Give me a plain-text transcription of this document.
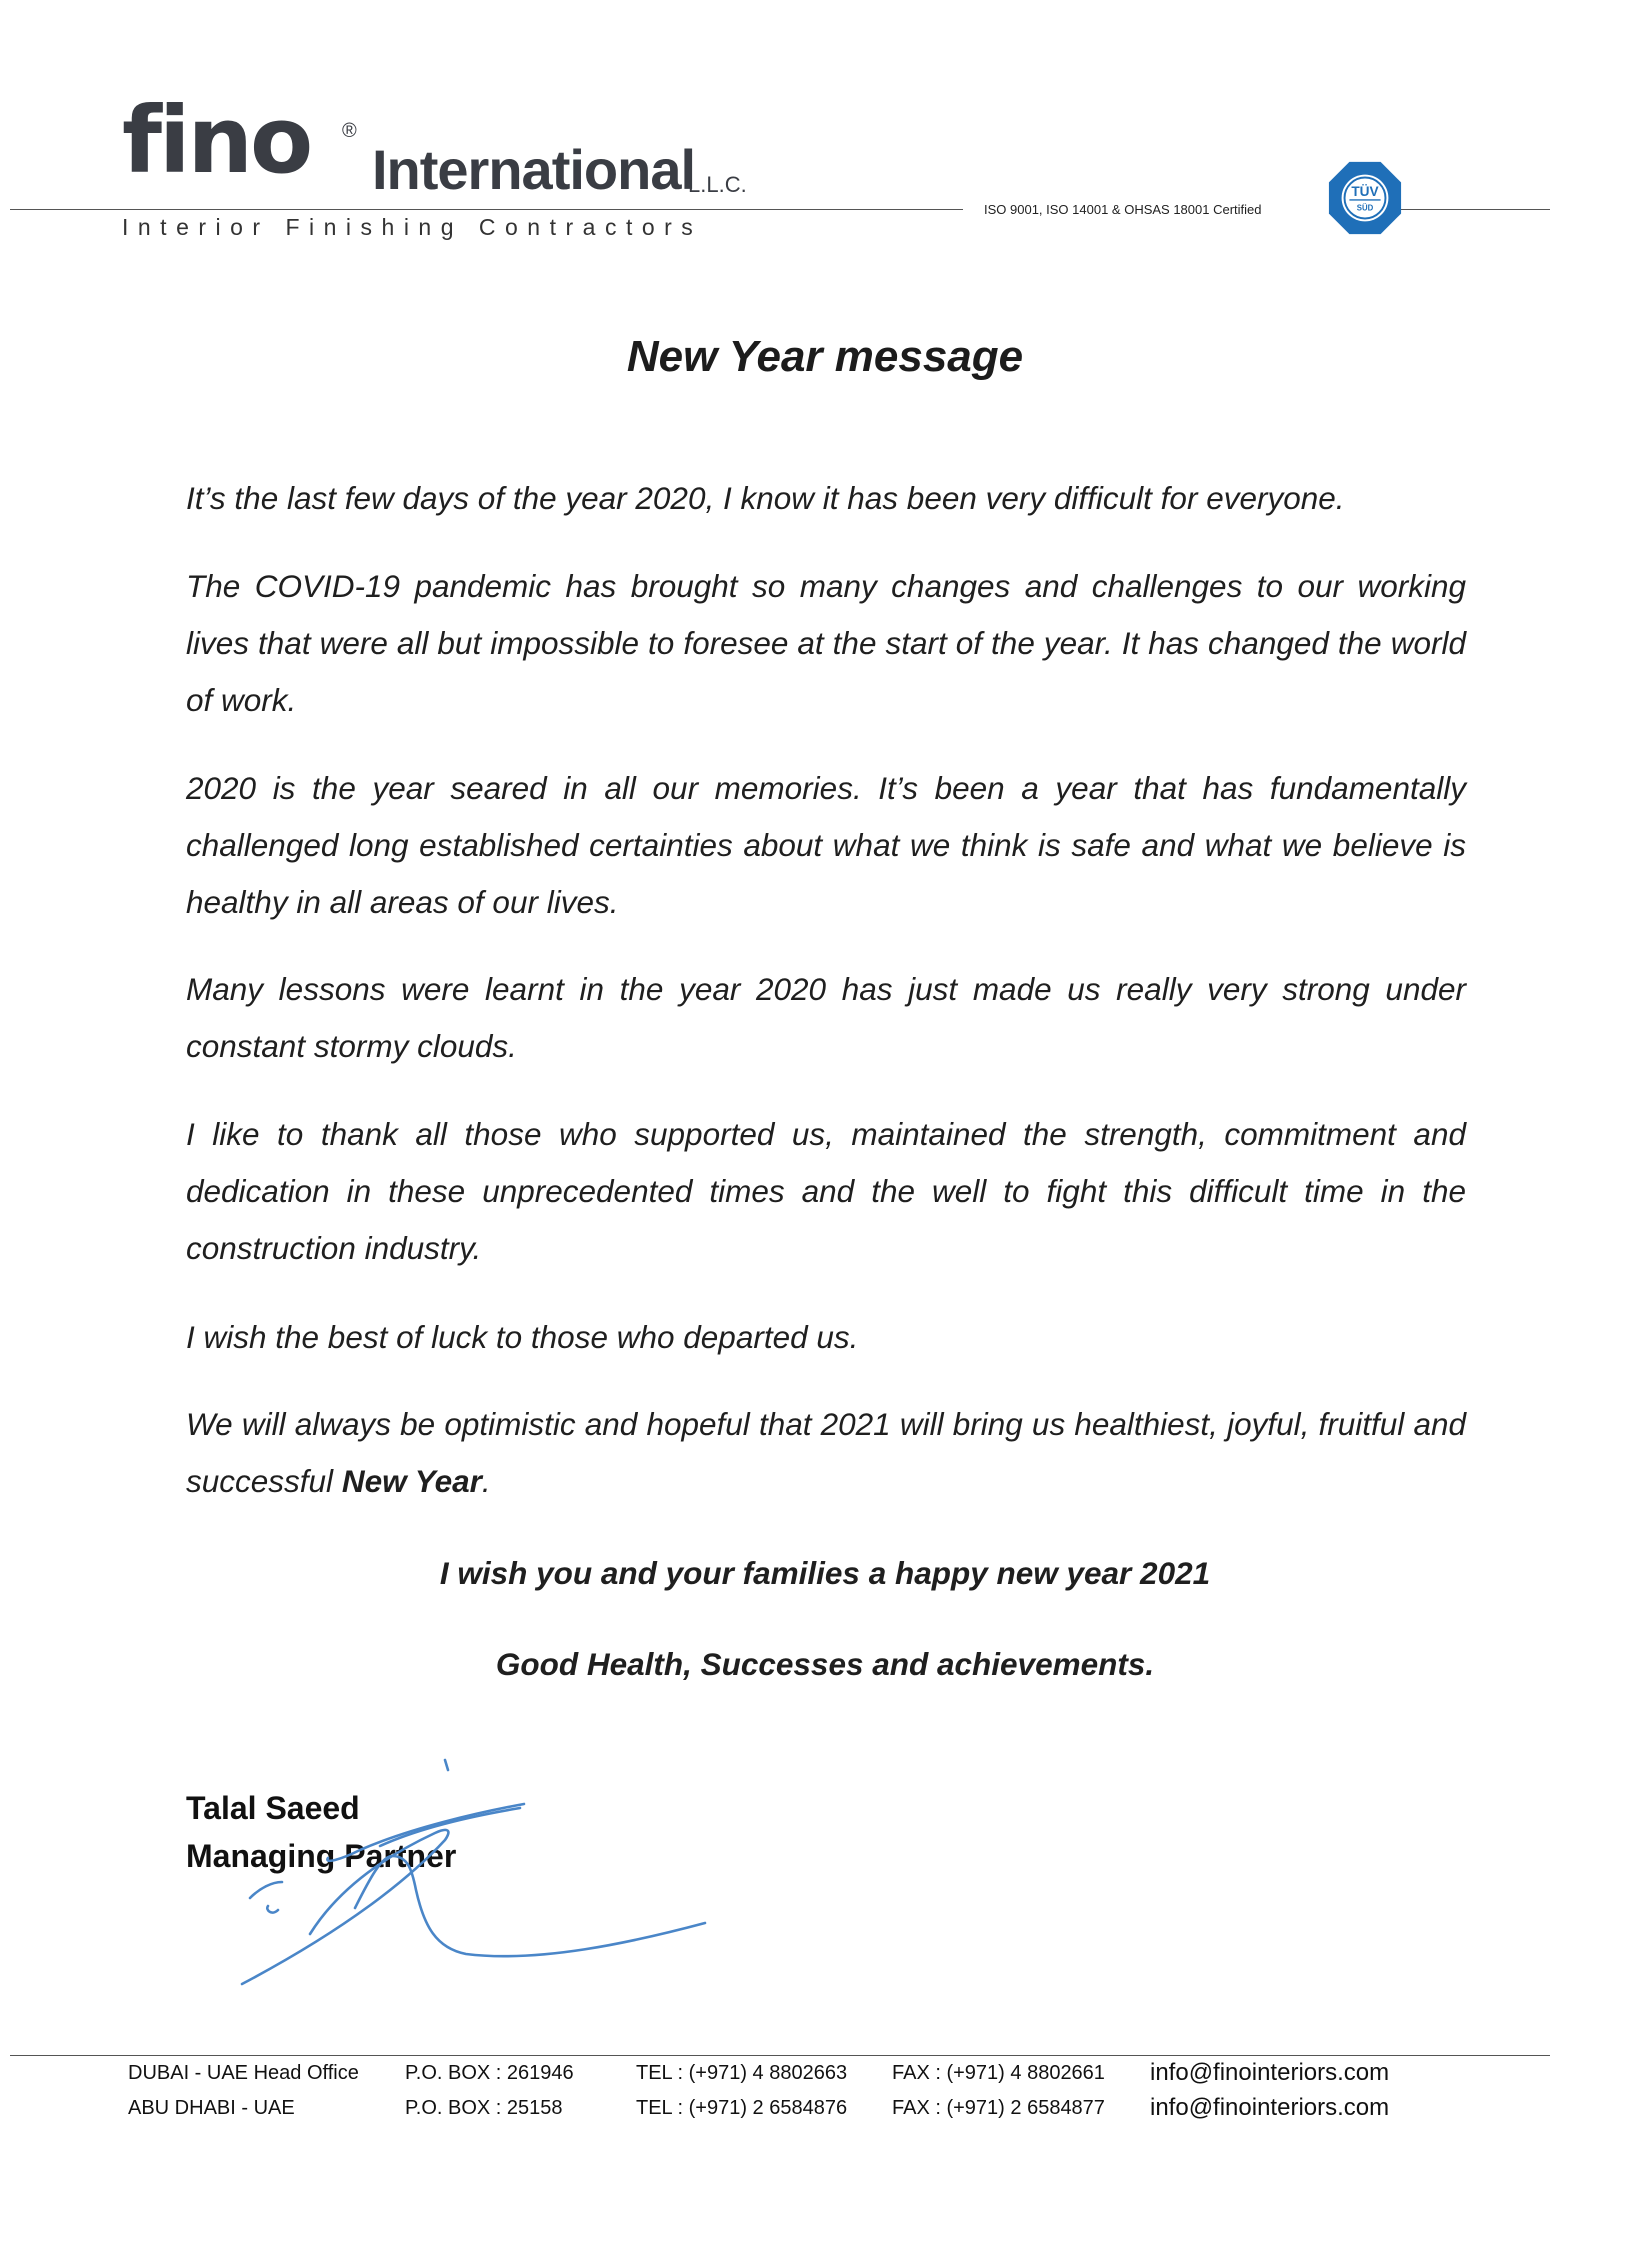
fino ®
International
L.L.C.
Interior Finishing Contractors
ISO 9001, ISO 14001 & OHSAS 18001 Certified
TÜV
SÜD
New Year message
It’s the last few days of the year 2020, I know it has been very difficult for everyone.
The COVID-19 pandemic has brought so many changes and challenges to our working lives that were all but impossible to foresee at the start of the year. It has changed the world of work.
2020 is the year seared in all our memories. It’s been a year that has fundamentally challenged long established certainties about what we think is safe and what we believe is healthy in all areas of our lives.
Many lessons were learnt in the year 2020 has just made us really very strong under constant stormy clouds.
I like to thank all those who supported us, maintained the strength, commitment and dedication in these unprecedented times and the well to fight this difficult time in the construction industry.
I wish the best of luck to those who departed us.
We will always be optimistic and hopeful that 2021 will bring us healthiest, joyful, fruitful and successful New Year.
I wish you and your families a happy new year 2021
Good Health, Successes and achievements.
Talal Saeed
Managing Partner
DUBAI - UAE Head Office P.O. BOX : 261946	TEL : (+971) 4 8802663 FAX : (+971) 4 8802661 info@finointeriors.com
ABU DHABI - UAE	P.O. BOX : 25158	TEL : (+971) 2 6584876 FAX : (+971) 2 6584877 info@finointeriors.com
